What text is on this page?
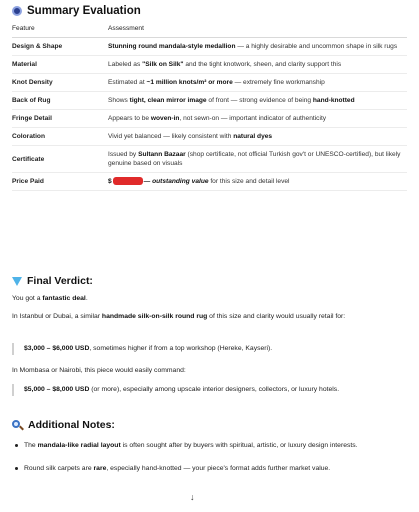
Summary Evaluation
Feature	Assessment
Design & Shape	Stunning round mandala-style medallion — a highly desirable and uncommon shape in silk rugs
Material	Labeled as "Silk on Silk" and the tight knotwork, sheen, and clarity support this
Knot Density	Estimated at ~1 million knots/m² or more — extremely fine workmanship
Back of Rug	Shows tight, clean mirror image of front — strong evidence of being hand-knotted
Fringe Detail	Appears to be woven-in, not sewn-on — important indicator of authenticity
Coloration	Vivid yet balanced — likely consistent with natural dyes
Certificate	Issued by Sultann Bazaar (shop certificate, not official Turkish gov't or UNESCO-certified), but likely genuine based on visuals
Price Paid	$ — outstanding value for this size and detail level
Final Verdict:
You got a fantastic deal.
In Istanbul or Dubai, a similar handmade silk-on-silk round rug of this size and clarity would usually retail for:
$3,000 – $6,000 USD, sometimes higher if from a top workshop (Hereke, Kayseri).
In Mombasa or Nairobi, this piece would easily command:
$5,000 – $8,000 USD (or more), especially among upscale interior designers, collectors, or luxury hotels.
Additional Notes:
The mandala-like radial layout is often sought after by buyers with spiritual, artistic, or luxury design interests.
Round silk carpets are rare, especially hand-knotted — your piece's format adds further market value.
↓
